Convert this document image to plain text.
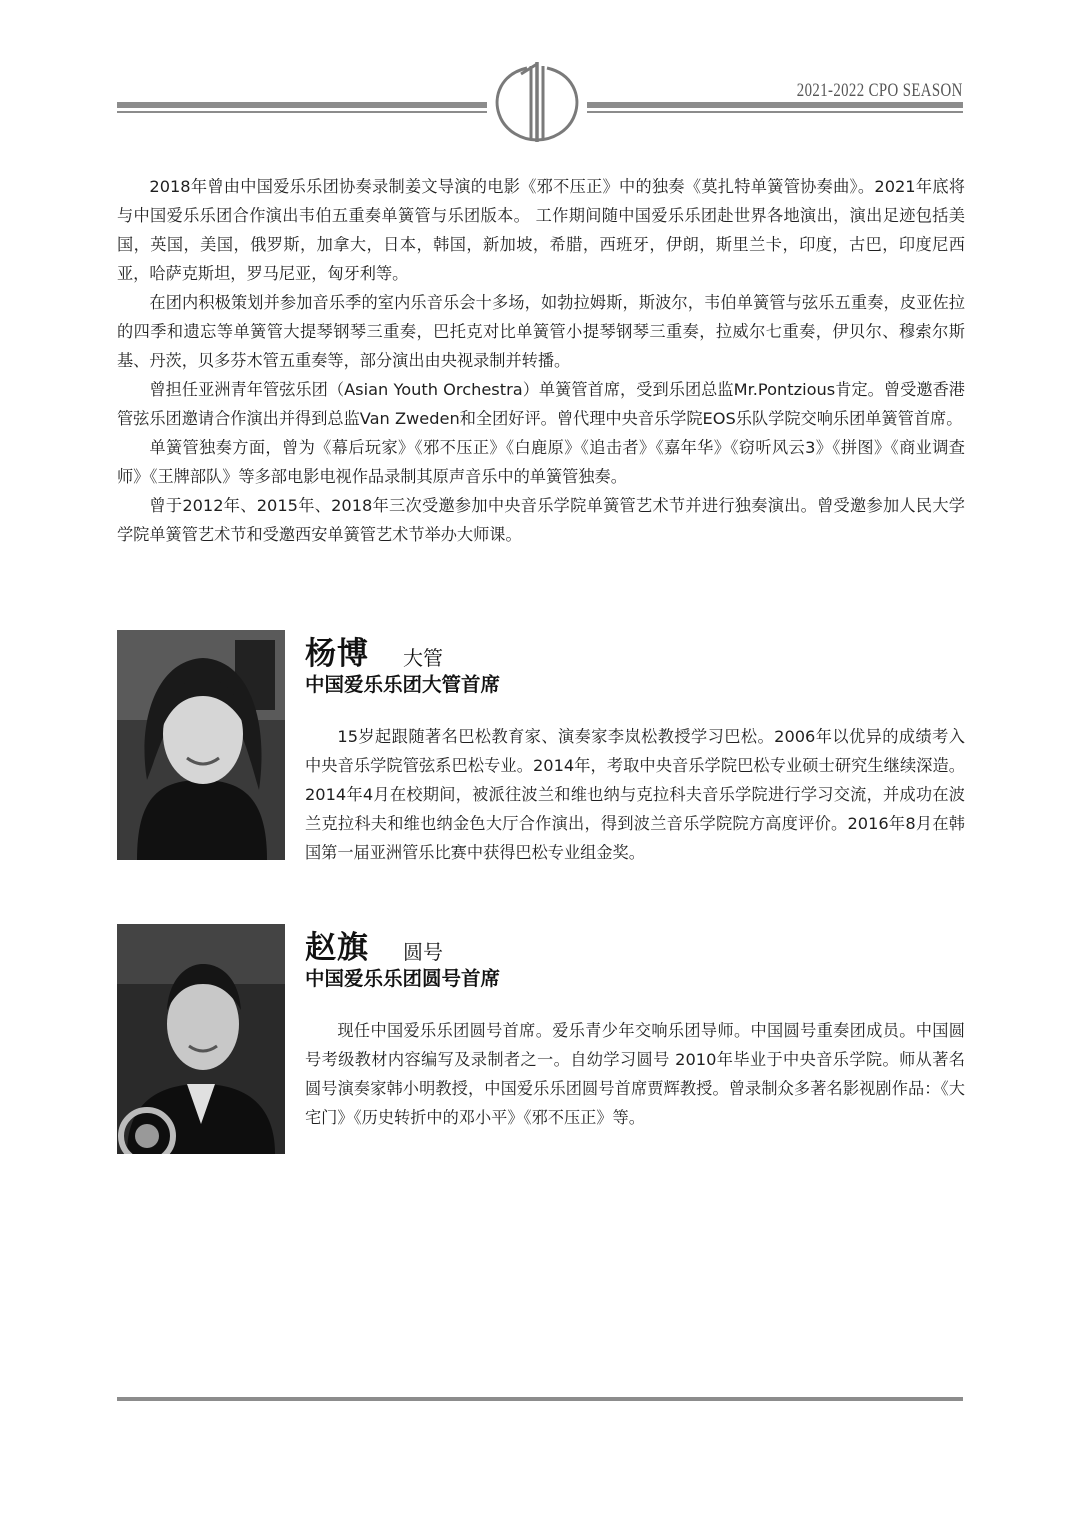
2021-2022 CPO SEASON

2018年曾由中国爱乐乐团协奏录制姜文导演的电影《邪不压正》中的独奏《莫扎特单簧管协奏曲》。2021年底将与中国爱乐乐团合作演出韦伯五重奏单簧管与乐团版本。 工作期间随中国爱乐乐团赴世界各地演出，演出足迹包括美国，英国，美国，俄罗斯，加拿大，日本，韩国，新加坡，希腊，西班牙，伊朗，斯里兰卡，印度，古巴，印度尼西亚，哈萨克斯坦，罗马尼亚，匈牙利等。

在团内积极策划并参加音乐季的室内乐音乐会十多场，如勃拉姆斯，斯波尔，韦伯单簧管与弦乐五重奏，皮亚佐拉的四季和遗忘等单簧管大提琴钢琴三重奏，巴托克对比单簧管小提琴钢琴三重奏，拉威尔七重奏，伊贝尔、穆索尔斯基、丹茨，贝多芬木管五重奏等，部分演出由央视录制并转播。

曾担任亚洲青年管弦乐团（Asian Youth Orchestra）单簧管首席，受到乐团总监Mr.Pontzious肯定。曾受邀香港管弦乐团邀请合作演出并得到总监Van Zweden和全团好评。曾代理中央音乐学院EOS乐队学院交响乐团单簧管首席。

单簧管独奏方面，曾为《幕后玩家》《邪不压正》《白鹿原》《追击者》《嘉年华》《窃听风云3》《拼图》《商业调查师》《王牌部队》等多部电影电视作品录制其原声音乐中的单簧管独奏。

曾于2012年、2015年、2018年三次受邀参加中央音乐学院单簧管艺术节并进行独奏演出。曾受邀参加人民大学学院单簧管艺术节和受邀西安单簧管艺术节举办大师课。

杨博 大管
中国爱乐乐团大管首席

15岁起跟随著名巴松教育家、演奏家李岚松教授学习巴松。2006年以优异的成绩考入中央音乐学院管弦系巴松专业。2014年，考取中央音乐学院巴松专业硕士研究生继续深造。2014年4月在校期间，被派往波兰和维也纳与克拉科夫音乐学院进行学习交流，并成功在波兰克拉科夫和维也纳金色大厅合作演出，得到波兰音乐学院院方高度评价。2016年8月在韩国第一届亚洲管乐比赛中获得巴松专业组金奖。

赵旗 圆号
中国爱乐乐团圆号首席

现任中国爱乐乐团圆号首席。爱乐青少年交响乐团导师。中国圆号重奏团成员。中国圆号考级教材内容编写及录制者之一。自幼学习圆号 2010年毕业于中央音乐学院。师从著名圆号演奏家韩小明教授，中国爱乐乐团圆号首席贾辉教授。曾录制众多著名影视剧作品：《大宅门》《历史转折中的邓小平》《邪不压正》等。
